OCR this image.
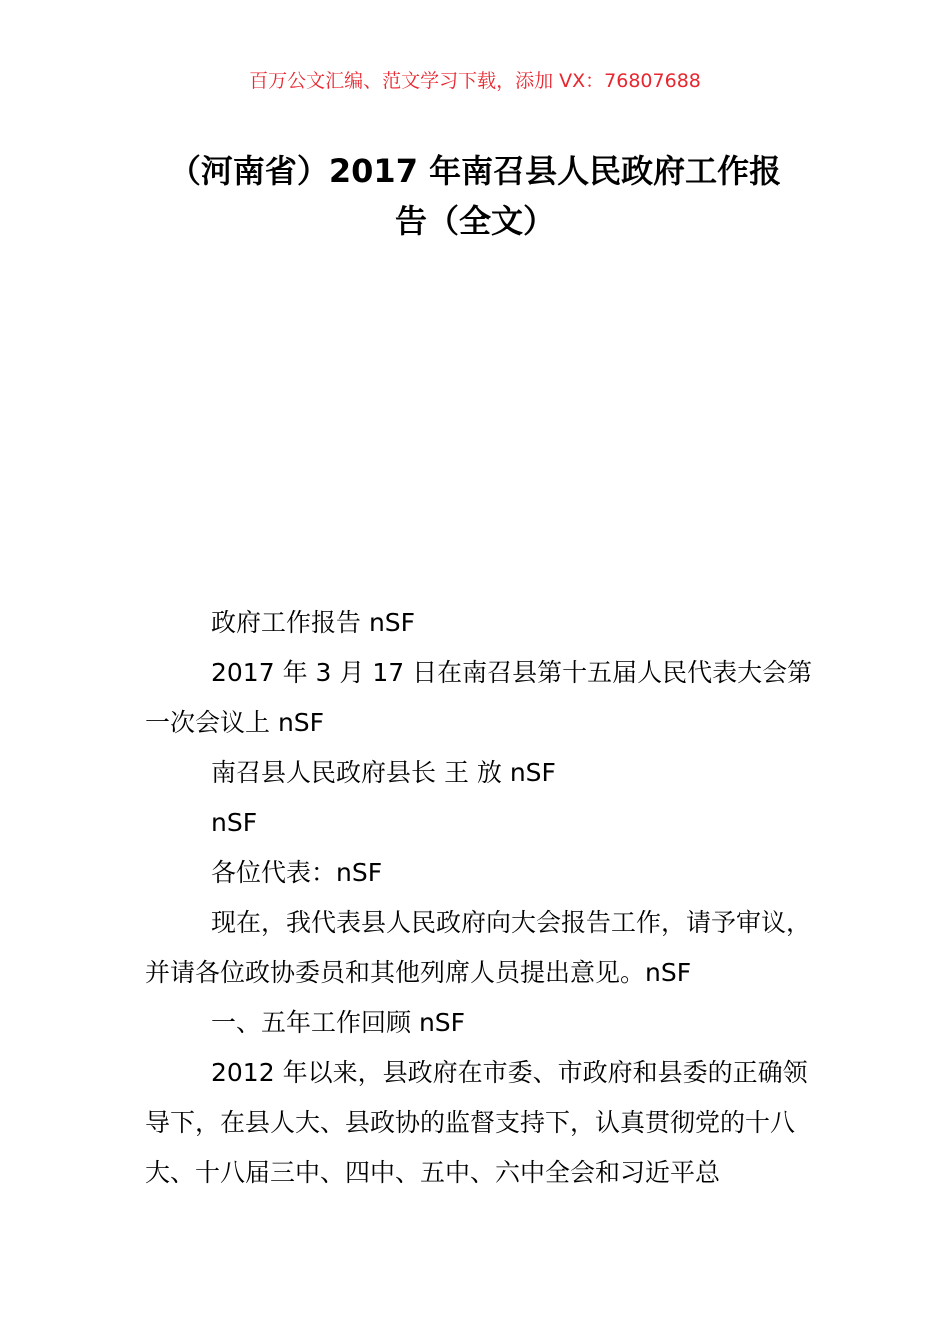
百万公文汇编、范文学习下载，添加 VX：76807688
（河南省）2017 年南召县人民政府工作报
告（全文）

政府工作报告 nSF

2017 年 3 月 17 日在南召县第十五届人民代表大会第一次会议上 nSF

南召县人民政府县长 王 放 nSF

nSF

各位代表：nSF

现在，我代表县人民政府向大会报告工作，请予审议，并请各位政协委员和其他列席人员提出意见。nSF

一、五年工作回顾 nSF

2012 年以来，县政府在市委、市政府和县委的正确领导下，在县人大、县政协的监督支持下，认真贯彻党的十八大、十八届三中、四中、五中、六中全会和习近平总
